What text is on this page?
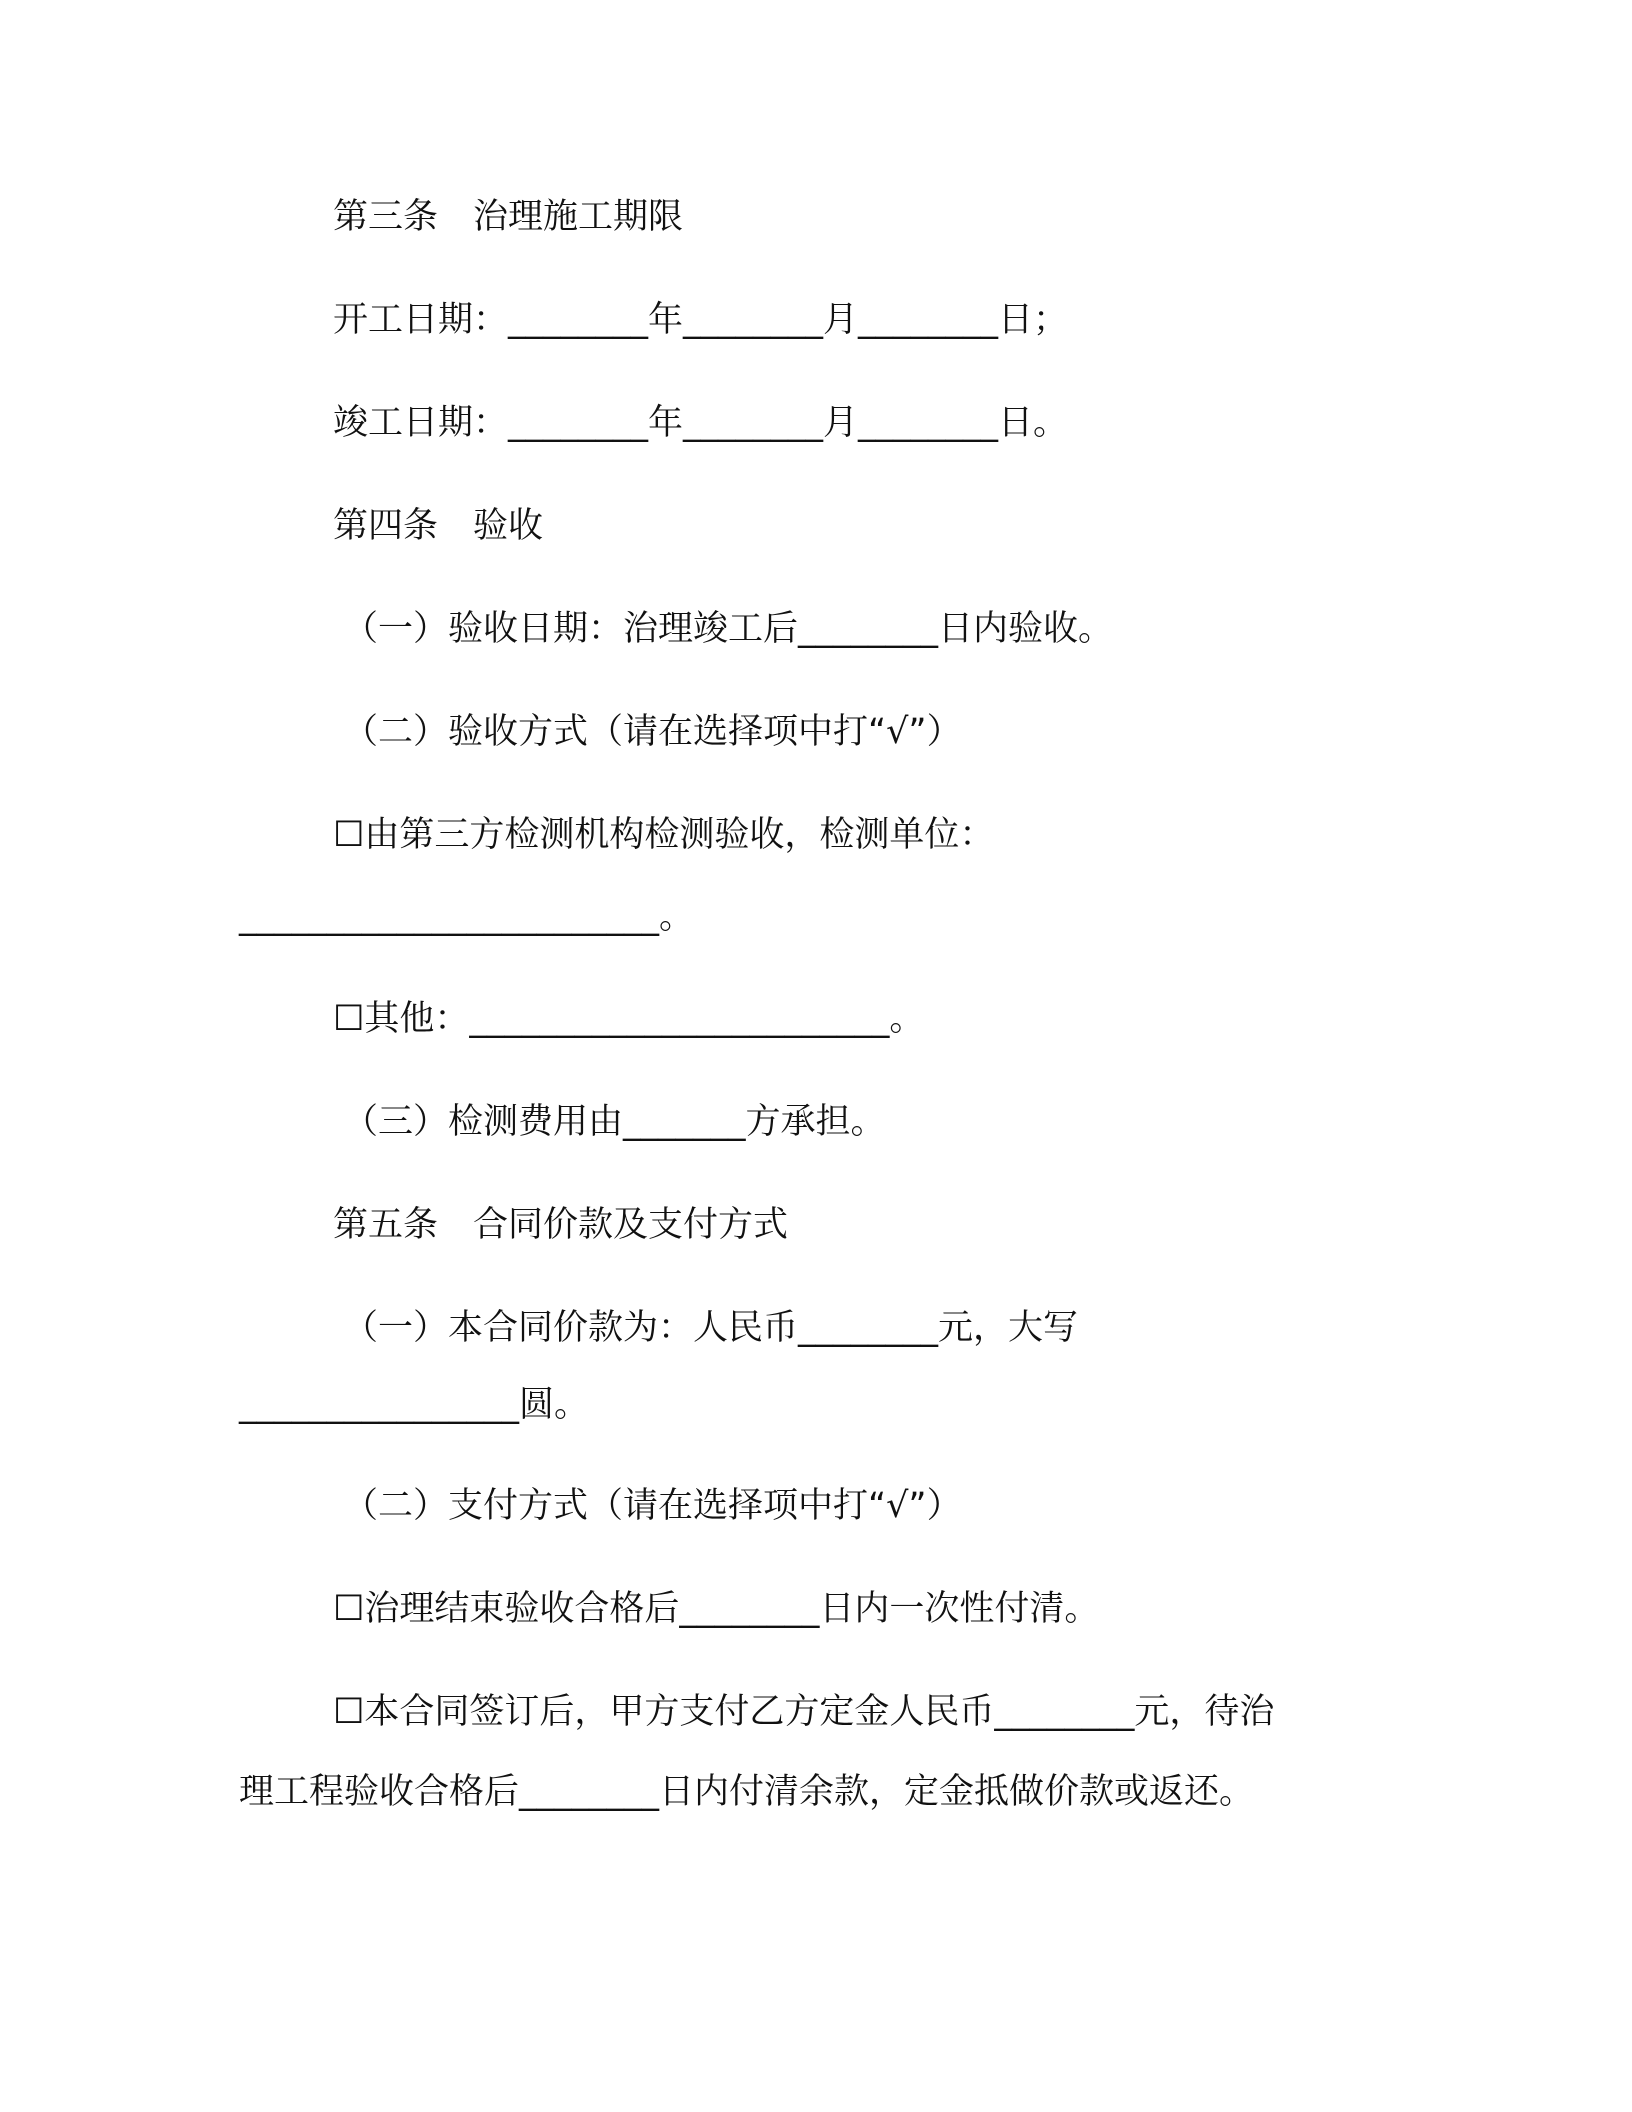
第三条　治理施工期限
开工日期：________年________月________日；
竣工日期：________年________月________日。
第四条　验收
（一）验收日期：治理竣工后________日内验收。
（二）验收方式（请在选择项中打“√”）
☐由第三方检测机构检测验收，检测单位：
________________________。
☐其他：________________________。
（三）检测费用由_______方承担。
第五条　合同价款及支付方式
（一）本合同价款为：人民币________元，大写
________________圆。
（二）支付方式（请在选择项中打“√”）
☐治理结束验收合格后________日内一次性付清。
☐本合同签订后，甲方支付乙方定金人民币________元，待治
理工程验收合格后________日内付清余款，定金抵做价款或返还。
